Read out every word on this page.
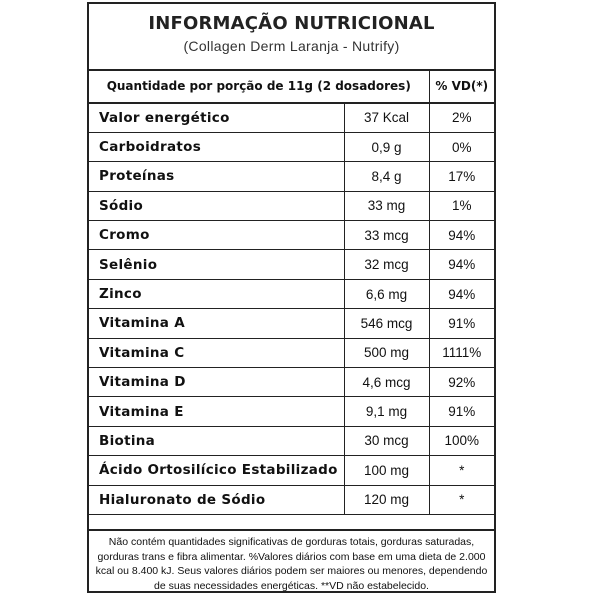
INFORMAÇÃO NUTRICIONAL
(Collagen Derm Laranja - Nutrify)
Quantidade por porção de 11g (2 dosadores)		% VD(*)
Valor energético	37 Kcal	2%
Carboidratos	0,9 g	0%
Proteínas	8,4 g	17%
Sódio	33 mg	1%
Cromo	33 mcg	94%
Selênio	32 mcg	94%
Zinco	6,6 mg	94%
Vitamina A	546 mcg	91%
Vitamina C	500 mg	1111%
Vitamina D	4,6 mcg	92%
Vitamina E	9,1 mg	91%
Biotina	30 mcg	100%
Ácido Ortosilícico Estabilizado	100 mg	*
Hialuronato de Sódio	120 mg	*
Não contém quantidades significativas de gorduras totais, gorduras saturadas, gorduras trans e fibra alimentar. %Valores diários com base em uma dieta de 2.000 kcal ou 8.400 kJ. Seus valores diários podem ser maiores ou menores, dependendo de suas necessidades energéticas. **VD não estabelecido.
